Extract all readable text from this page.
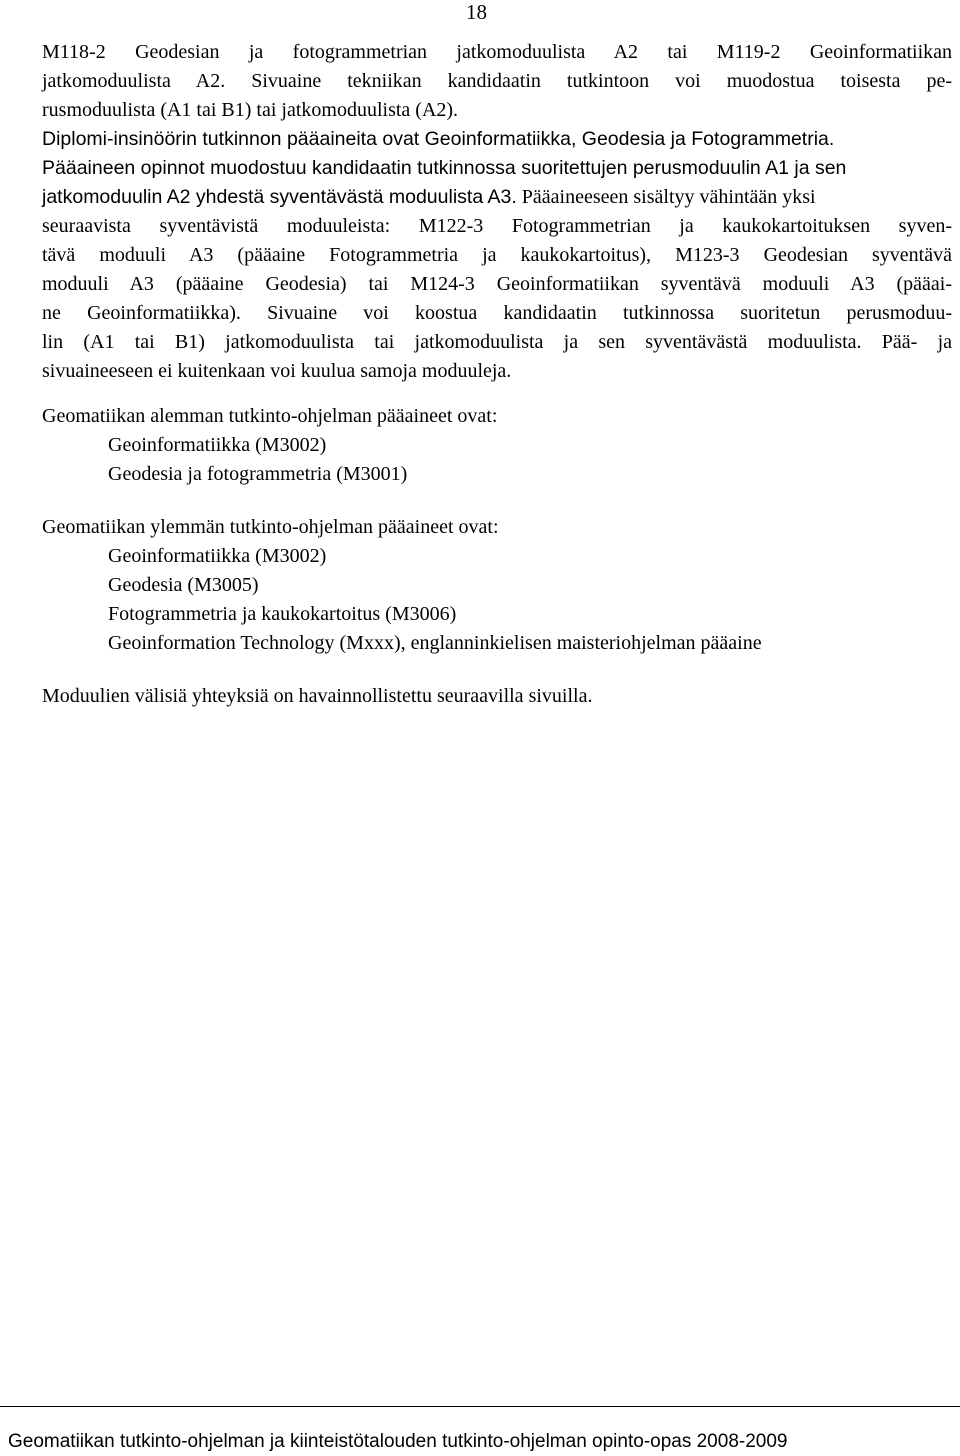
18

M118-2 Geodesian ja fotogrammetrian jatkomoduulista A2 tai M119-2 Geoinformatiikan
jatkomoduulista A2. Sivuaine tekniikan kandidaatin tutkintoon voi muodostua toisesta pe-
rusmoduulista (A1 tai B1) tai jatkomoduulista (A2).
Diplomi-insinöörin tutkinnon pääaineita ovat Geoinformatiikka, Geodesia ja Fotogrammetria.
Pääaineen opinnot muodostuu kandidaatin tutkinnossa suoritettujen perusmoduulin A1 ja sen
jatkomoduulin A2 yhdestä syventävästä moduulista A3. Pääaineeseen sisältyy vähintään yksi
seuraavista syventävistä moduuleista: M122-3 Fotogrammetrian ja kaukokartoituksen syven-
tävä moduuli A3 (pääaine Fotogrammetria ja kaukokartoitus), M123-3 Geodesian syventävä
moduuli A3 (pääaine Geodesia) tai M124-3 Geoinformatiikan syventävä moduuli A3 (pääai-
ne Geoinformatiikka). Sivuaine voi koostua kandidaatin tutkinnossa suoritetun perusmoduu-
lin (A1 tai B1) jatkomoduulista tai jatkomoduulista ja sen syventävästä moduulista. Pää- ja
sivuaineeseen ei kuitenkaan voi kuulua samoja moduuleja.

Geomatiikan alemman tutkinto-ohjelman pääaineet ovat:
Geoinformatiikka (M3002)
Geodesia ja fotogrammetria (M3001)
Geomatiikan ylemmän tutkinto-ohjelman pääaineet ovat:
Geoinformatiikka (M3002)
Geodesia (M3005)
Fotogrammetria ja kaukokartoitus (M3006)
Geoinformation Technology (Mxxx), englanninkielisen maisteriohjelman pääaine

Moduulien välisiä yhteyksiä on havainnollistettu seuraavilla sivuilla.

Geomatiikan tutkinto-ohjelman ja kiinteistötalouden tutkinto-ohjelman opinto-opas 2008-2009
